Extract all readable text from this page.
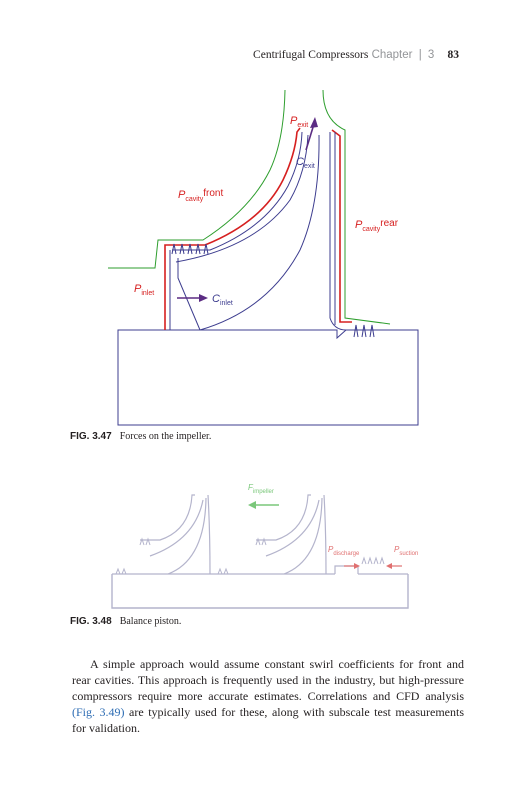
Centrifugal Compressors Chapter | 3 83
$P_{exit}$
$C_{exit}$
$P_{cavity}front$
$P_{cavity}rear$
$P_{inlet}$	$C_{inlet}$
FIG. 3.47 Forces on the impeller.
$F_{impeller}$
$P_{discharge}$	$P_{suction}$
FIG. 3.48 Balance piston.

A simple approach would assume constant swirl coefficients for front and
rear cavities. This approach is frequently used in the industry, but high-pressure
compressors require more accurate estimates. Correlations and CFD analysis
(Fig. 3.49) are typically used for these, along with subscale test measurements
for validation.
